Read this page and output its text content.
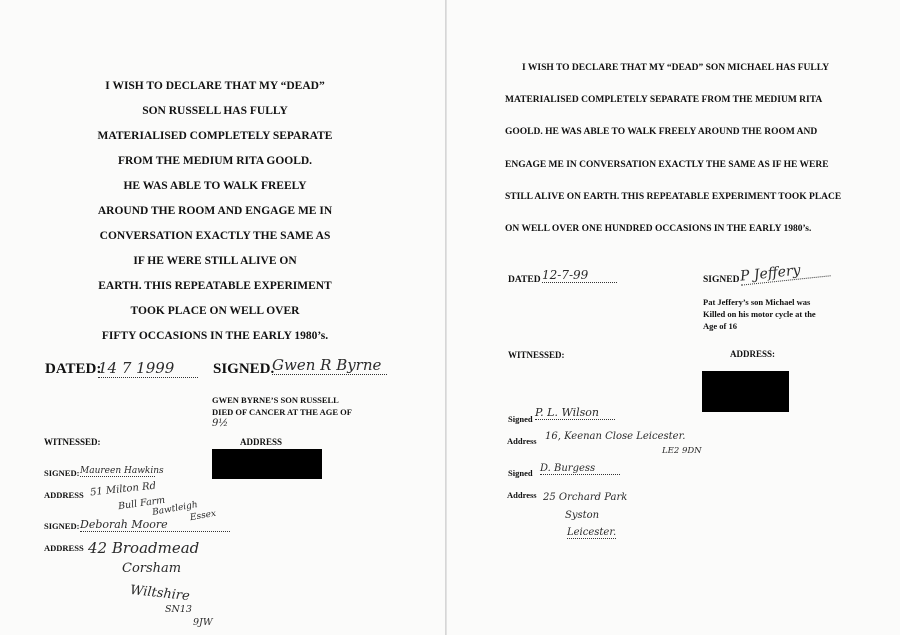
I WISH TO DECLARE THAT MY “DEAD”
SON RUSSELL HAS FULLY
MATERIALISED COMPLETELY SEPARATE
FROM THE MEDIUM RITA GOOLD.
HE WAS ABLE TO WALK FREELY
AROUND THE ROOM AND ENGAGE ME IN
CONVERSATION EXACTLY THE SAME AS
IF HE WERE STILL ALIVE ON
EARTH. THIS REPEATABLE EXPERIMENT
TOOK PLACE ON WELL OVER
FIFTY OCCASIONS IN THE EARLY 1980’s.
DATED:
14 7 1999	SIGNED.
Gwen R Byrne
GWEN BYRNE’S SON RUSSELL
DIED OF CANCER AT THE AGE OF
9½
WITNESSED:	ADDRESS
SIGNED: Maureen Hawkins
ADDRESS 51 Milton Rd
Bull Farm
Bawtleigh
Essex
SIGNED: Deborah Moore
ADDRESS 42 Broadmead
Corsham
Wiltshire
SN13
9JW
I WISH TO DECLARE THAT MY “DEAD” SON MICHAEL HAS FULLY
MATERIALISED COMPLETELY SEPARATE FROM THE MEDIUM RITA
GOOLD. HE WAS ABLE TO WALK FREELY AROUND THE ROOM AND
ENGAGE ME IN CONVERSATION EXACTLY THE SAME AS IF HE WERE
STILL ALIVE ON EARTH. THIS REPEATABLE EXPERIMENT TOOK PLACE
ON WELL OVER ONE HUNDRED OCCASIONS IN THE EARLY 1980’s.
DATED 12-7-99	SIGNED P Jeffery
Pat Jeffery’s son Michael was
Killed on his motor cycle at the
Age of 16
WITNESSED:	ADDRESS:
Signed P. L. Wilson
Address 16, Keenan Close Leicester.
LE2 9DN
Signed D. Burgess
Address 25 Orchard Park
Syston
Leicester.
